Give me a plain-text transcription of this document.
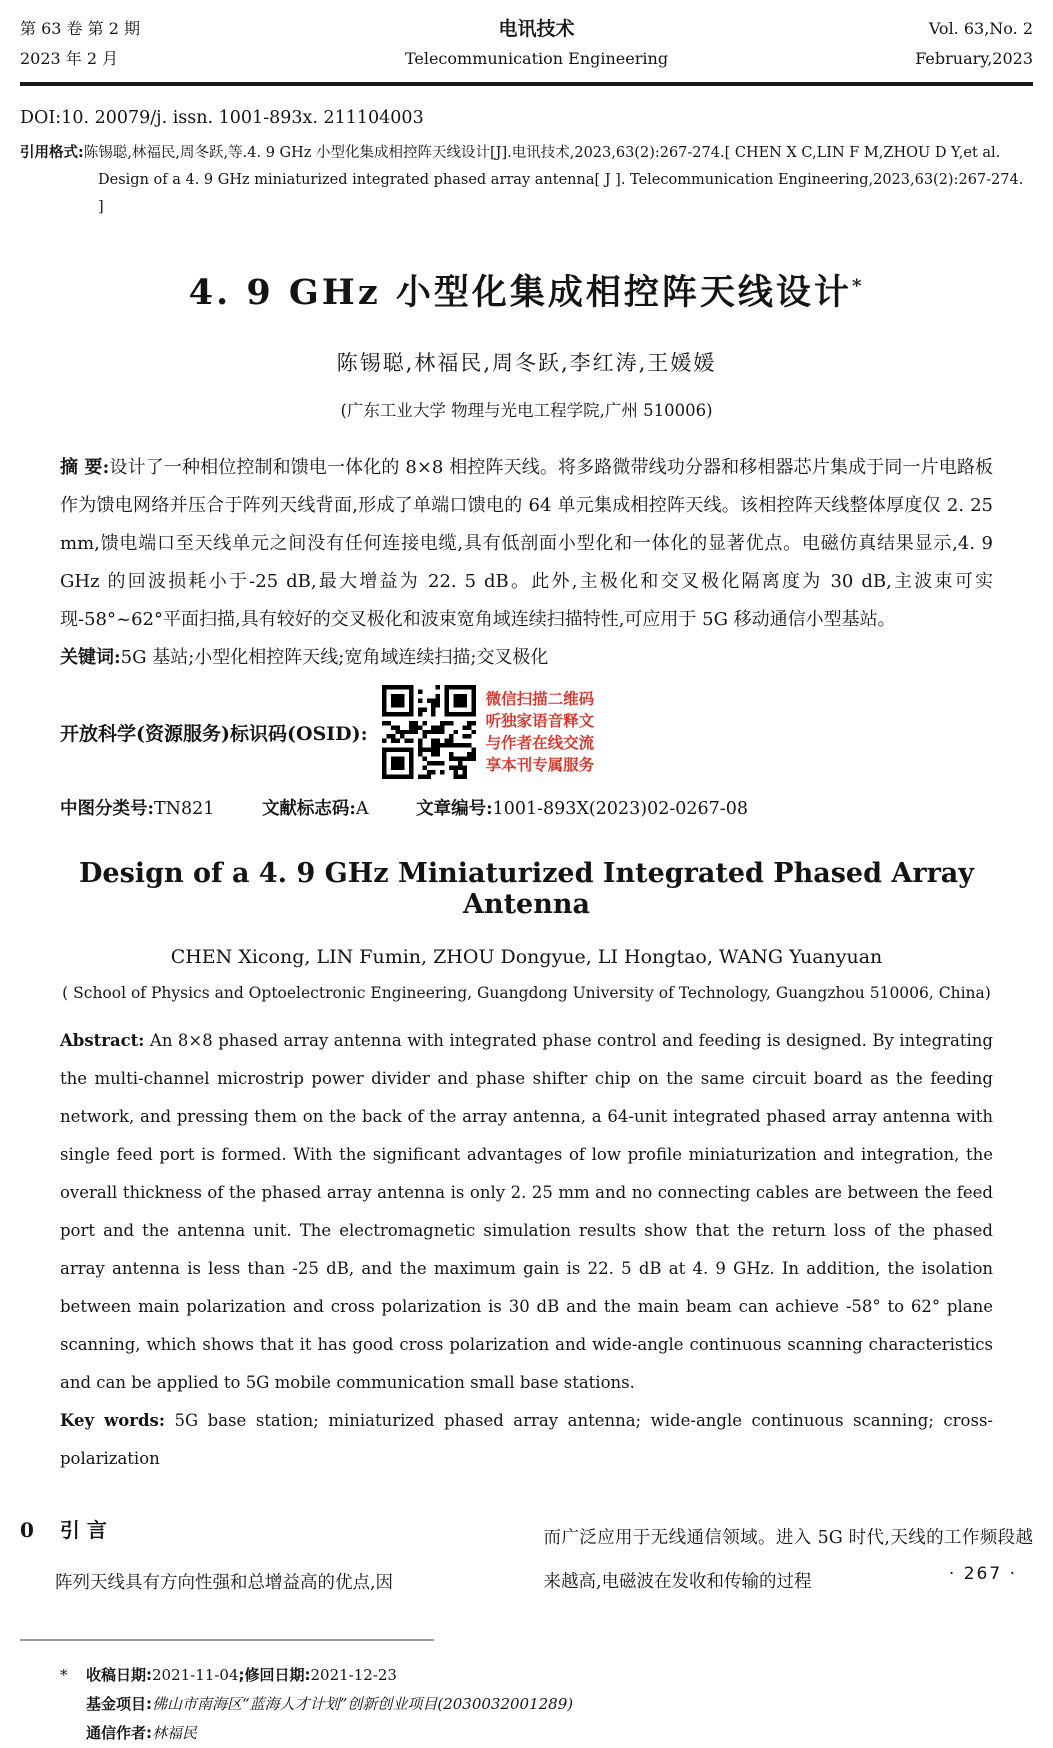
第 63 卷 第 2 期
2023 年 2 月
电讯技术
Telecommunication Engineering
Vol. 63,No. 2
February,2023
DOI:10. 20079/j. issn. 1001-893x. 211104003
引用格式:陈锡聪,林福民,周冬跃,等.4. 9 GHz 小型化集成相控阵天线设计[J].电讯技术,2023,63(2):267-274.[ CHEN X C,LIN F M,ZHOU D Y,et al.
Design of a 4. 9 GHz miniaturized integrated phased array antenna[ J ]. Telecommunication Engineering,2023,63(2):267-274. ]
4. 9 GHz 小型化集成相控阵天线设计*
陈锡聪,林福民,周冬跃,李红涛,王媛媛
(广东工业大学 物理与光电工程学院,广州 510006)

摘 要:设计了一种相位控制和馈电一体化的 8×8 相控阵天线。将多路微带线功分器和移相器芯片集成于同一片电路板作为馈电网络并压合于阵列天线背面,形成了单端口馈电的 64 单元集成相控阵天线。该相控阵天线整体厚度仅 2. 25 mm,馈电端口至天线单元之间没有任何连接电缆,具有低剖面小型化和一体化的显著优点。电磁仿真结果显示,4. 9 GHz 的回波损耗小于-25 dB,最大增益为 22. 5 dB。此外,主极化和交叉极化隔离度为 30 dB,主波束可实现-58°~62°平面扫描,具有较好的交叉极化和波束宽角域连续扫描特性,可应用于 5G 移动通信小型基站。

关键词:5G 基站;小型化相控阵天线;宽角域连续扫描;交叉极化

开放科学(资源服务)标识码(OSID):
微信扫描二维码
听独家语音释文
与作者在线交流
享本刊专属服务
中图分类号:TN821	文献标志码:A	文章编号:1001-893X(2023)02-0267-08
Design of a 4. 9 GHz Miniaturized Integrated Phased Array Antenna
CHEN Xicong, LIN Fumin, ZHOU Dongyue, LI Hongtao, WANG Yuanyuan
( School of Physics and Optoelectronic Engineering, Guangdong University of Technology, Guangzhou 510006, China)

Abstract: An 8×8 phased array antenna with integrated phase control and feeding is designed. By integrating the multi-channel microstrip power divider and phase shifter chip on the same circuit board as the feeding network, and pressing them on the back of the array antenna, a 64-unit integrated phased array antenna with single feed port is formed. With the significant advantages of low profile miniaturization and integration, the overall thickness of the phased array antenna is only 2. 25 mm and no connecting cables are between the feed port and the antenna unit. The electromagnetic simulation results show that the return loss of the phased array antenna is less than -25 dB, and the maximum gain is 22. 5 dB at 4. 9 GHz. In addition, the isolation between main polarization and cross polarization is 30 dB and the main beam can achieve -58° to 62° plane scanning, which shows that it has good cross polarization and wide-angle continuous scanning characteristics and can be applied to 5G mobile communication small base stations.

Key words: 5G base station; miniaturized phased array antenna; wide-angle continuous scanning; cross-polarization

0 引 言

阵列天线具有方向性强和总增益高的优点,因

而广泛应用于无线通信领域。进入 5G 时代,天线的工作频段越来越高,电磁波在发收和传输的过程

*	收稿日期:2021-11-04;修回日期:2021-12-23
基金项目:佛山市南海区“蓝海人才计划”创新创业项目(2030032001289)
通信作者:林福民
· 267 ·
